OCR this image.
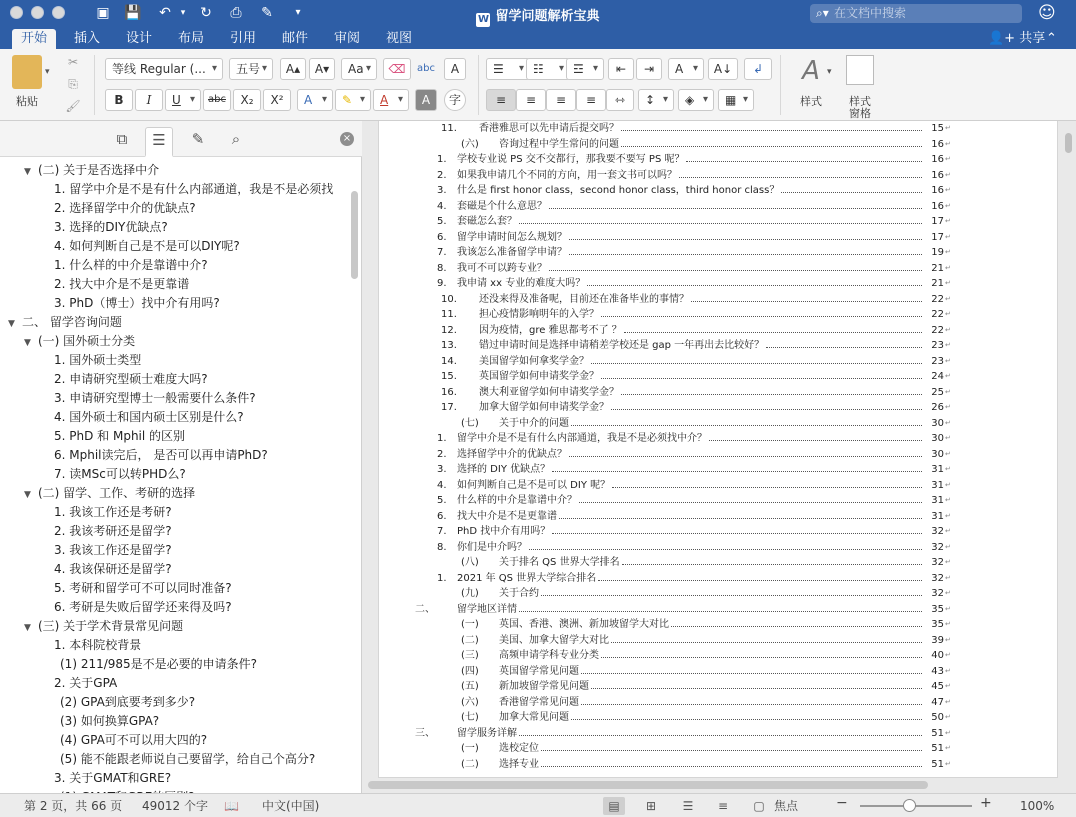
▣ 💾 ↶	▾	↻ ⎙ ✎	▾
W 留学问题解析宝典	⌕▾ 在文档中搜索	☺
开始	插入	设计	布局	引用	邮件	审阅	视图	👤+ 共享 ⌃
▾
粘贴
✂
⎘
🖌
等线 Regular (... ▾	五号 ▾	A▴	A▾	Aa ▾	⌫	abc	A
B	I	U ▾	abc	X₂	X²	A ▾	✎ ▾	A ▾	A	字
☰ ▾	☷ ▾	☲ ▾	⇤	⇥	A ▾	A↓	↲
≡	≡	≡	≡	⇿	↕ ▾	◈ ▾	▦ ▾
A ▾
样式	样式
窗格
⧉	☰	✎	⌕	×
▼ (二) 关于是否选择中介
1. 留学中介是不是有什么内部通道，我是不是必须找
2. 选择留学中介的优缺点?
3. 选择的DIY优缺点?
4. 如何判断自己是不是可以DIY呢?
1. 什么样的中介是靠谱中介?
2. 找大中介是不是更靠谱
3. PhD（博士）找中介有用吗?
▼ 二、 留学咨询问题
▼ (一) 国外硕士分类
1. 国外硕士类型
2. 申请研究型硕士难度大吗?
3. 申请研究型博士一般需要什么条件?
4. 国外硕士和国内硕士区别是什么?
5. PhD 和 Mphil 的区别
6. Mphil读完后， 是否可以再申请PhD?
7. 读MSc可以转PHD么?
▼ (二) 留学、工作、考研的选择
1. 我该工作还是考研?
2. 我该考研还是留学?
3. 我该工作还是留学?
4. 我该保研还是留学?
5. 考研和留学可不可以同时准备?
6. 考研是失败后留学还来得及吗?
▼ (三) 关于学术背景常见问题
1. 本科院校背景
(1) 211/985是不是必要的申请条件?
2. 关于GPA
(2) GPA到底要考到多少?
(3) 如何换算GPA?
(4) GPA可不可以用大四的?
(5) 能不能跟老师说自己要留学，给自己个高分?
3. 关于GMAT和GRE?
11. 香港雅思可以先申请后提交吗？	15 ↵
(六) 咨询过程中学生常问的问题	16 ↵
1. 学校专业说 PS 交不交都行，那我要不要写 PS 呢？	16 ↵
2. 如果我申请几个不同的方向，用一套文书可以吗？	16 ↵
3. 什么是 first honor class，second honor class，third honor class？	16 ↵
4. 套磁是个什么意思？	16 ↵
5. 套磁怎么套？	17 ↵
6. 留学申请时间怎么规划？	17 ↵
7. 我该怎么准备留学申请？	19 ↵
8. 我可不可以跨专业？	21 ↵
9. 我申请 xx 专业的难度大吗？	21 ↵
10. 还没来得及准备呢，目前还在准备毕业的事情？	22 ↵
11. 担心疫情影响明年的入学？	22 ↵
12. 因为疫情，gre 雅思都考不了 ？	22 ↵
13. 错过申请时间是选择申请稍差学校还是 gap 一年再出去比较好？	23 ↵
14. 美国留学如何拿奖学金？	23 ↵
15. 英国留学如何申请奖学金？	24 ↵
16. 澳大利亚留学如何申请奖学金？	25 ↵
17. 加拿大留学如何申请奖学金？	26 ↵
(七) 关于中介的问题	30 ↵
1. 留学中介是不是有什么内部通道，我是不是必须找中介？	30 ↵
2. 选择留学中介的优缺点？	30 ↵
3. 选择的 DIY 优缺点？	31 ↵
4. 如何判断自己是不是可以 DIY 呢？	31 ↵
5. 什么样的中介是靠谱中介？	31 ↵
6. 找大中介是不是更靠谱	31 ↵
7. PhD 找中介有用吗？	32 ↵
8. 你们是中介吗？	32 ↵
(八) 关于排名 QS 世界大学排名	32 ↵
1. 2021 年 QS 世界大学综合排名	32 ↵
(九) 关于合约	32 ↵
二、 留学地区详情	35 ↵
(一) 英国、香港、澳洲、新加坡留学大对比	35 ↵
(二) 美国、加拿大留学大对比	39 ↵
(三) 高频申请学科专业分类	40 ↵
(四) 英国留学常见问题	43 ↵
(五) 新加坡留学常见问题	45 ↵
(六) 香港留学常见问题	47 ↵
(七) 加拿大常见问题	50 ↵
三、 留学服务详解	51 ↵
(一) 选校定位	51 ↵
(二) 选择专业	51 ↵
第 2 页，共 66 页 49012 个字 📖 中文(中国)	▤	⊞	☰	≡	▢ 焦点	−	+ 100%
